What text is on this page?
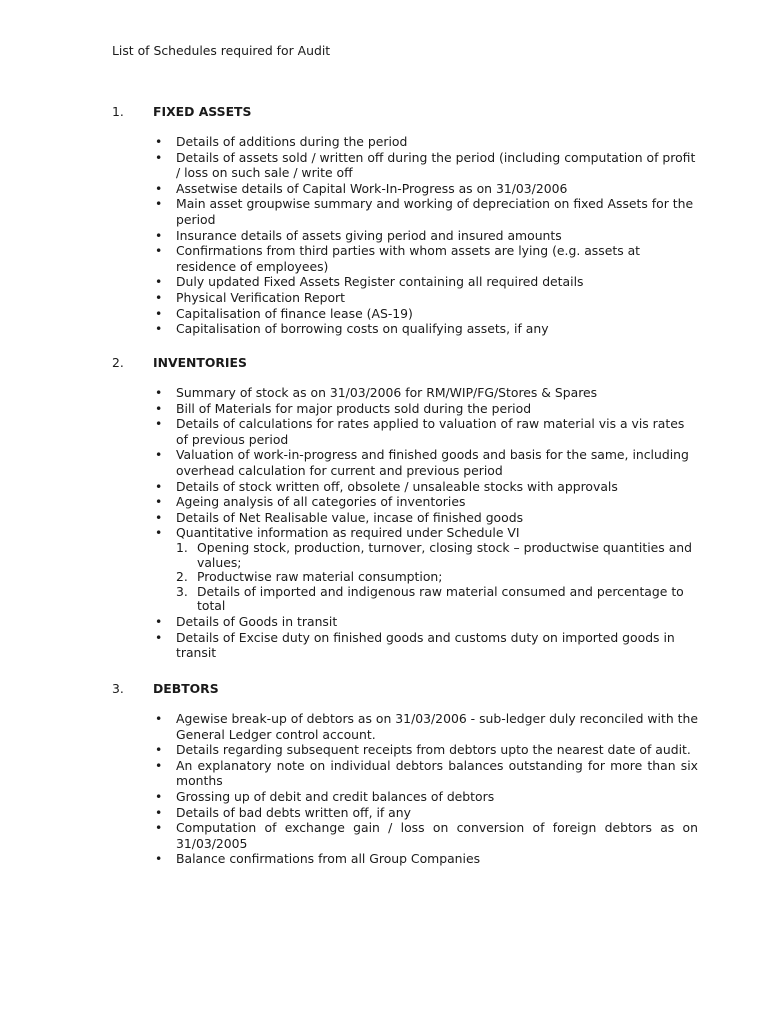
List of Schedules required for Audit
1. FIXED ASSETS
• Details of additions during the period
• Details of assets sold / written off during the period (including computation of profit / loss on such sale / write off
• Assetwise details of Capital Work-In-Progress as on 31/03/2006
• Main asset groupwise summary and working of depreciation on fixed Assets for the period
• Insurance details of assets giving period and insured amounts
• Confirmations from third parties with whom assets are lying (e.g. assets at residence of employees)
• Duly updated Fixed Assets Register containing all required details
• Physical Verification Report
• Capitalisation of finance lease (AS-19)
• Capitalisation of borrowing costs on qualifying assets, if any
2. INVENTORIES
• Summary of stock as on 31/03/2006 for RM/WIP/FG/Stores & Spares
• Bill of Materials for major products sold during the period
• Details of calculations for rates applied to valuation of raw material vis a vis rates of previous period
• Valuation of work-in-progress and finished goods and basis for the same, including overhead calculation for current and previous period
• Details of stock written off, obsolete / unsaleable stocks with approvals
• Ageing analysis of all categories of inventories
• Details of Net Realisable value, incase of finished goods
• Quantitative information as required under Schedule VI
1. Opening stock, production, turnover, closing stock – productwise quantities and values;
2. Productwise raw material consumption;
3. Details of imported and indigenous raw material consumed and percentage to total
• Details of Goods in transit
• Details of Excise duty on finished goods and customs duty on imported goods in transit
3. DEBTORS
• Agewise break-up of debtors as on 31/03/2006 - sub-ledger duly reconciled with the General Ledger control account.
• Details regarding subsequent receipts from debtors upto the nearest date of audit.
• An explanatory note on individual debtors balances outstanding for more than six months
• Grossing up of debit and credit balances of debtors
• Details of bad debts written off, if any
• Computation of exchange gain / loss on conversion of foreign debtors as on 31/03/2005
• Balance confirmations from all Group Companies
